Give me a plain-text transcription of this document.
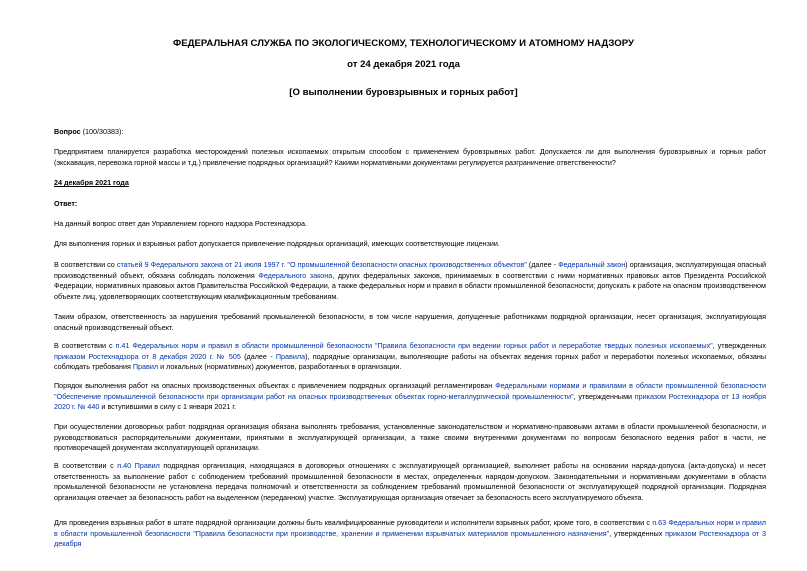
ФЕДЕРАЛЬНАЯ СЛУЖБА ПО ЭКОЛОГИЧЕСКОМУ, ТЕХНОЛОГИЧЕСКОМУ И АТОМНОМУ НАДЗОРУ
от 24 декабря 2021 года
[О выполнении буровзрывных и горных работ]

Вопрос (100/30383):

Предприятием планируется разработка месторождений полезных ископаемых открытым способом с применением буровзрывных работ. Допускается ли для выполнения буровзрывных и горных работ (экскавация, перевозка горной массы и т.д.) привлечение подрядных организаций? Какими нормативными документами регулируется разграничение ответственности?

24 декабря 2021 года

Ответ:

На данный вопрос ответ дан Управлением горного надзора Ростехнадзора.

Для выполнения горных и взрывных работ допускается привлечение подрядных организаций, имеющих соответствующие лицензии.

В соответствии со статьей 9 Федерального закона от 21 июля 1997 г. "О промышленной безопасности опасных производственных объектов" (далее - Федеральный закон) организация, эксплуатирующая опасный производственный объект, обязана соблюдать положения Федерального закона, других федеральных законов, принимаемых в соответствии с ними нормативных правовых актов Президента Российской Федерации, нормативных правовых актов Правительства Российской Федерации, а также федеральных норм и правил в области промышленной безопасности; допускать к работе на опасном производственном объекте лиц, удовлетворяющих соответствующим квалификационным требованиям.

Таким образом, ответственность за нарушения требований промышленной безопасности, в том числе нарушения, допущенные работниками подрядной организации, несет организация, эксплуатирующая опасный производственный объект.

В соответствии с п.41 Федеральных норм и правил в области промышленной безопасности "Правила безопасности при ведении горных работ и переработке твердых полезных ископаемых", утвержденных приказом Ростехнадзора от 8 декабря 2020 г. № 505 (далее - Правила), подрядные организации, выполняющие работы на объектах ведения горных работ и переработки полезных ископаемых, обязаны соблюдать требования Правил и локальных (нормативных) документов, разработанных в организации.

Порядок выполнения работ на опасных производственных объектах с привлечением подрядных организаций регламентирован Федеральными нормами и правилами в области промышленной безопасности "Обеспечение промышленной безопасности при организации работ на опасных производственных объектах горно-металлургической промышленности", утвержденными приказом Ростехнадзора от 13 ноября 2020 г. № 440 и вступившими в силу с 1 января 2021 г.

При осуществлении договорных работ подрядная организация обязана выполнять требования, установленные законодательством и нормативно-правовыми актами в области промышленной безопасности, и руководствоваться распорядительными документами, принятыми в эксплуатирующей организации, а также своими внутренними документами по вопросам безопасного ведения работ в части, не противоречащей документам эксплуатирующей организации.

В соответствии с п.40 Правил подрядная организация, находящаяся в договорных отношениях с эксплуатирующей организацией, выполняет работы на основании наряда-допуска (акта-допуска) и несет ответственность за выполнение работ с соблюдением требований промышленной безопасности в местах, определенных нарядом-допуском. Законодательными и нормативными документами в области промышленной безопасности не установлена передача полномочий и ответственности за соблюдением требований промышленной безопасности от эксплуатирующей подрядной организации. Подрядная организация отвечает за безопасность работ на выделенном (переданном) участке. Эксплуатирующая организация отвечает за безопасность всего эксплуатируемого объекта.

Для проведения взрывных работ в штате подрядной организации должны быть квалифицированные руководители и исполнители взрывных работ, кроме того, в соответствии с п.63 Федеральных норм и правил в области промышленной безопасности "Правила безопасности при производстве, хранении и применении взрывчатых материалов промышленного назначения", утвержденных приказом Ростехнадзора от 3 декабря
